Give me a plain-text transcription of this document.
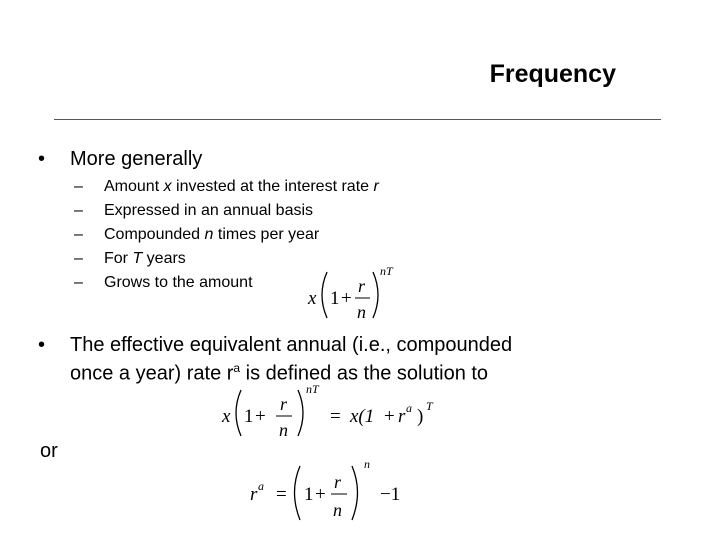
Frequency
• More generally
– Amount x invested at the interest rate r
– Expressed in an annual basis
– Compounded n times per year
– For T years
– Grows to the amount
x 1 +
r
n
nT
• The effective equivalent annual (i.e., compounded
once a year) rate $r^a$ is defined as the solution to
x 1 +
r
n
nT
= x(1 + r a ) T
or
r a = 1 +
r
n
n
−1
